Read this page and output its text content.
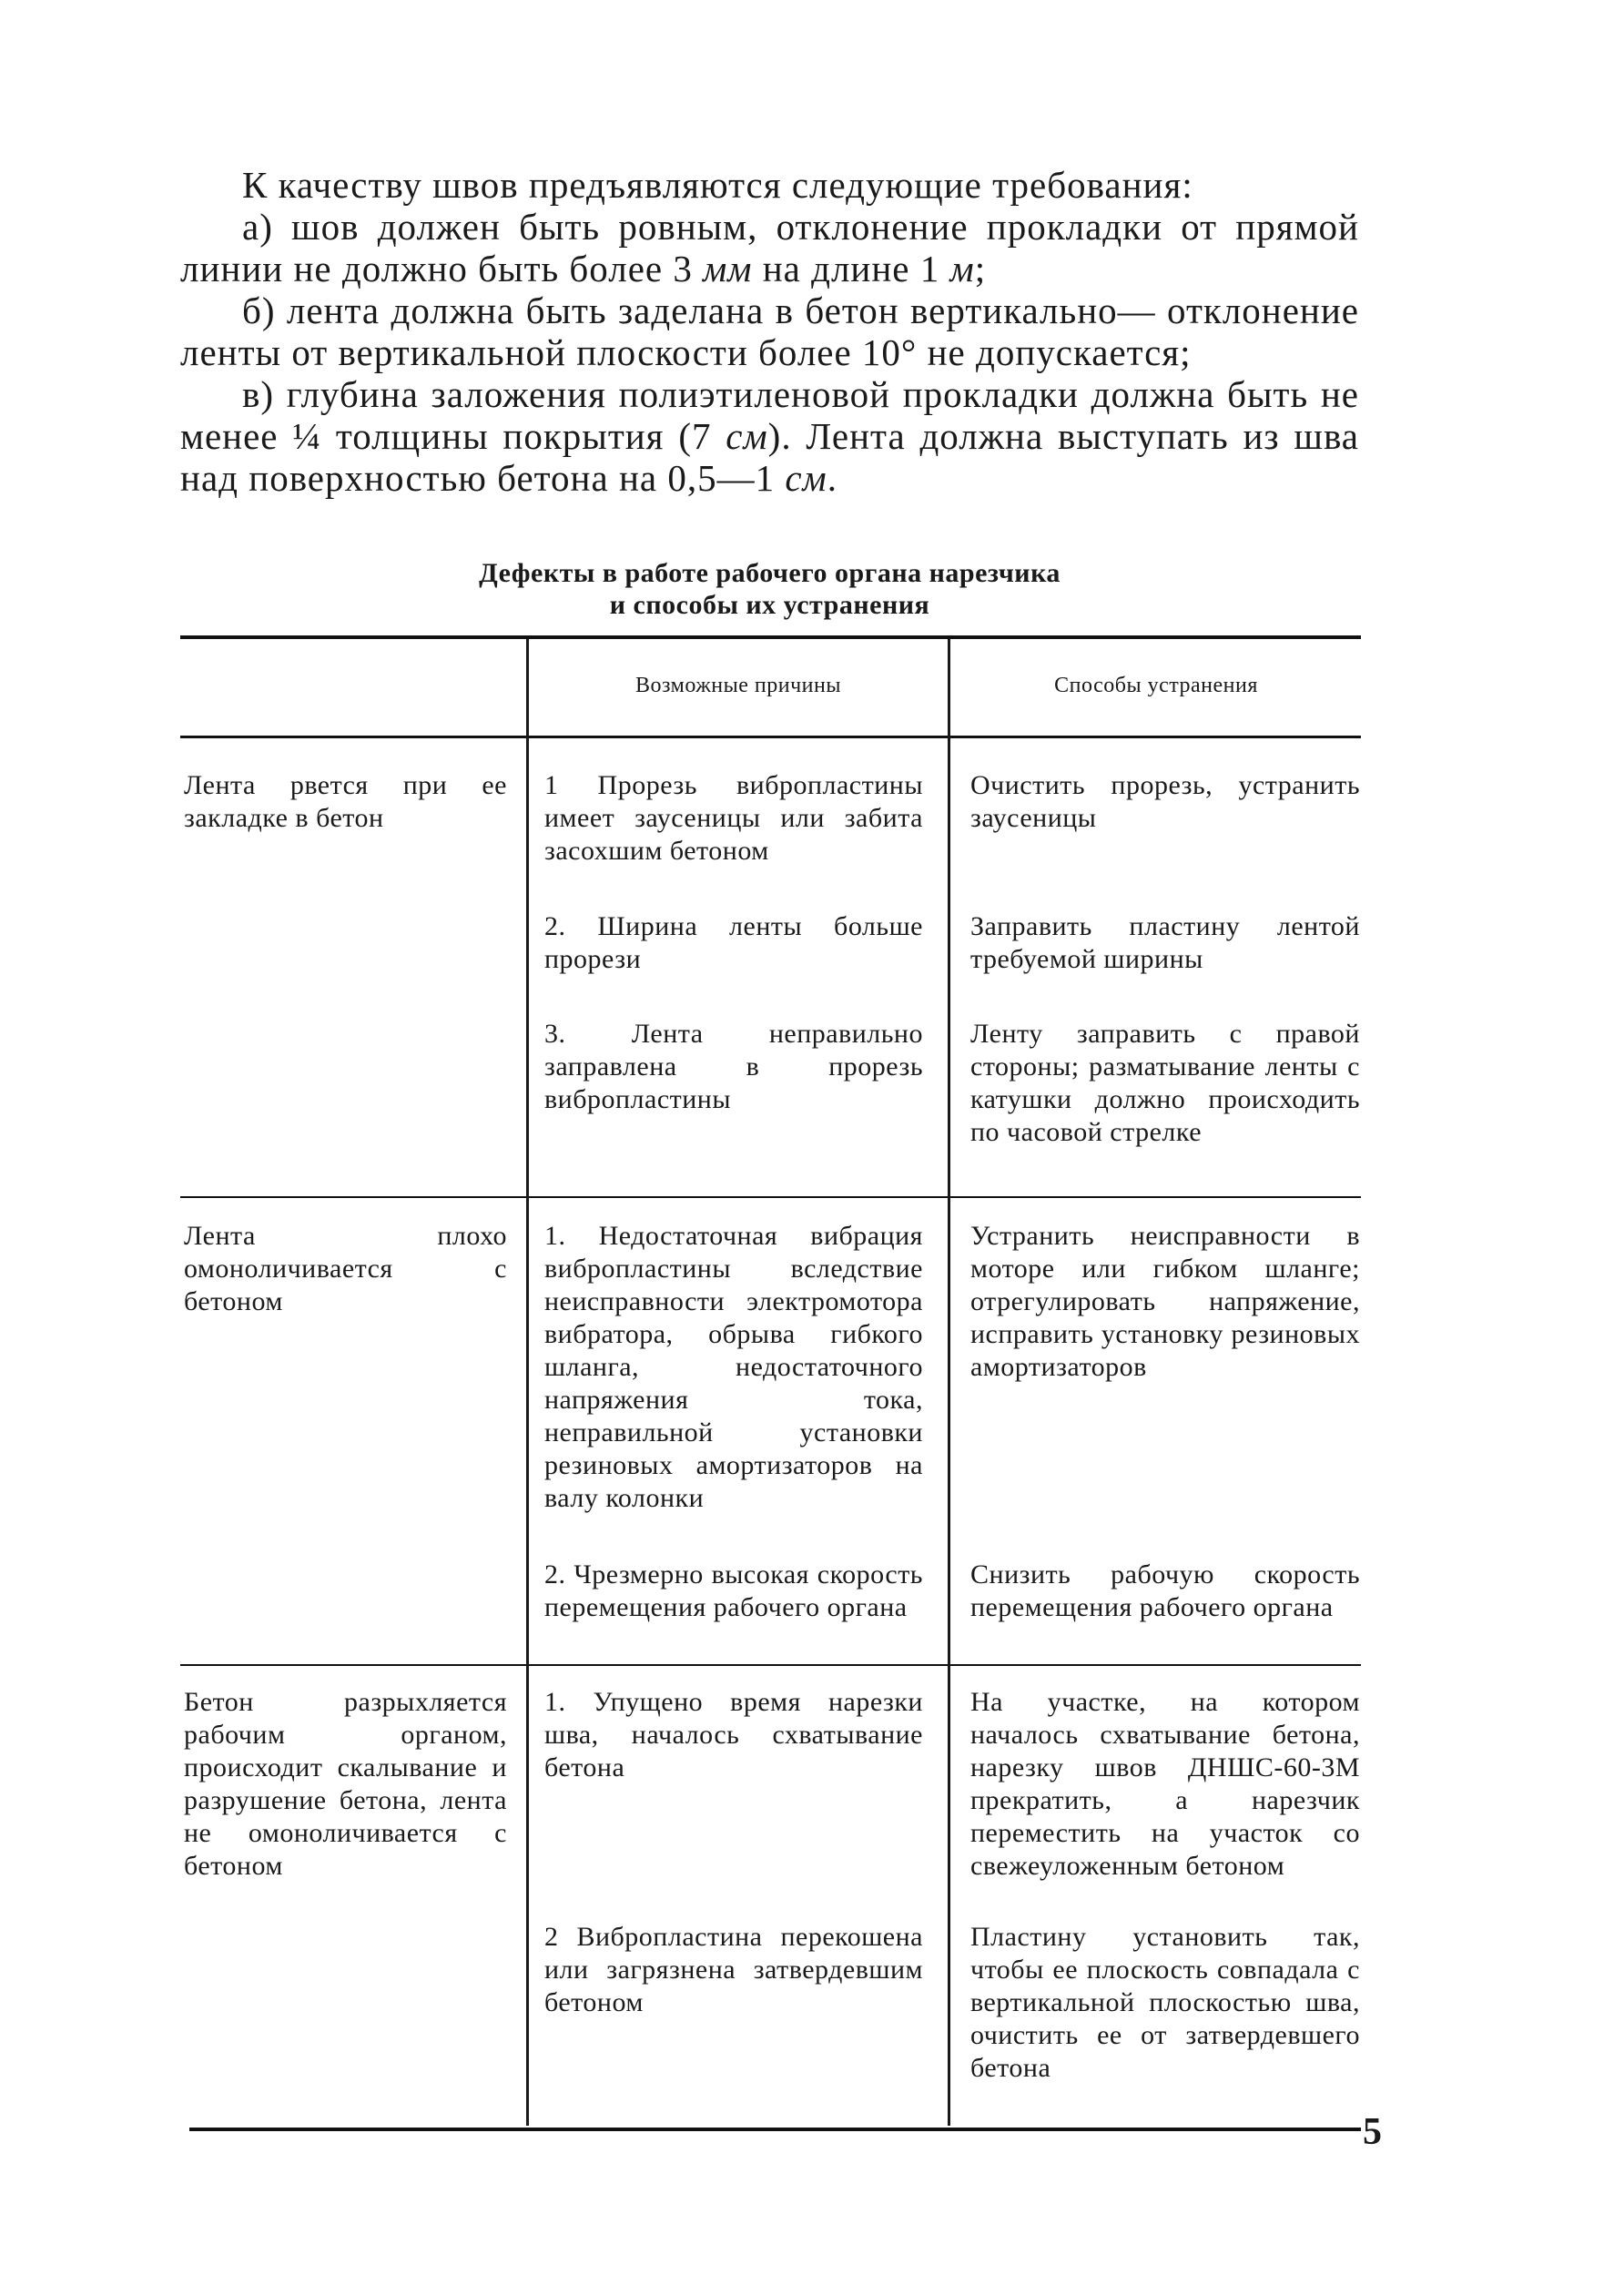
К качеству швов предъявляются следующие требования:

а) шов должен быть ровным, отклонение прокладки от прямой линии не должно быть более 3 мм на длине 1 м;

б) лента должна быть заделана в бетон вертикально— отклонение ленты от вертикальной плоскости более 10° не допускается;

в) глубина заложения полиэтиленовой прокладки должна быть не менее ¼ толщины покрытия (7 см). Лента должна выступать из шва над поверхностью бетона на 0,5—1 см.

Дефекты в работе рабочего органа нарезчика
и способы их устранения
Возможные причины	Способы устранения
Лента рвется при ее закладке в бетон
1 Прорезь вибропластины имеет заусеницы или забита засохшим бетоном
Очистить прорезь, устранить заусеницы
2. Ширина ленты больше прорези
Заправить пластину лентой требуемой ширины
3. Лента неправильно заправлена в прорезь вибропластины
Ленту заправить с правой стороны; разматывание ленты с катушки должно происходить по часовой стрелке
Лента плохо омоноличивается с бетоном
1. Недостаточная вибрация вибропластины вследствие неисправности электромотора вибратора, обрыва гибкого шланга, недостаточного напряжения тока, неправильной установки резиновых амортизаторов на валу колонки
Устранить неисправности в моторе или гибком шланге; отрегулировать напряжение, исправить установку резиновых амортизаторов
2. Чрезмерно высокая скорость перемещения рабочего органа
Снизить рабочую скорость перемещения рабочего органа
Бетон разрыхляется рабочим органом, происходит скалывание и разрушение бетона, лента не омоноличивается с бетоном
1. Упущено время нарезки шва, началось схватывание бетона
На участке, на котором началось схватывание бетона, нарезку швов ДНШС-60-3М прекратить, а нарезчик переместить на участок со свежеуложенным бетоном
2 Вибропластина перекошена или загрязнена затвердевшим бетоном
Пластину установить так, чтобы ее плоскость совпадала с вертикальной плоскостью шва, очистить ее от затвердевшего бетона
5
